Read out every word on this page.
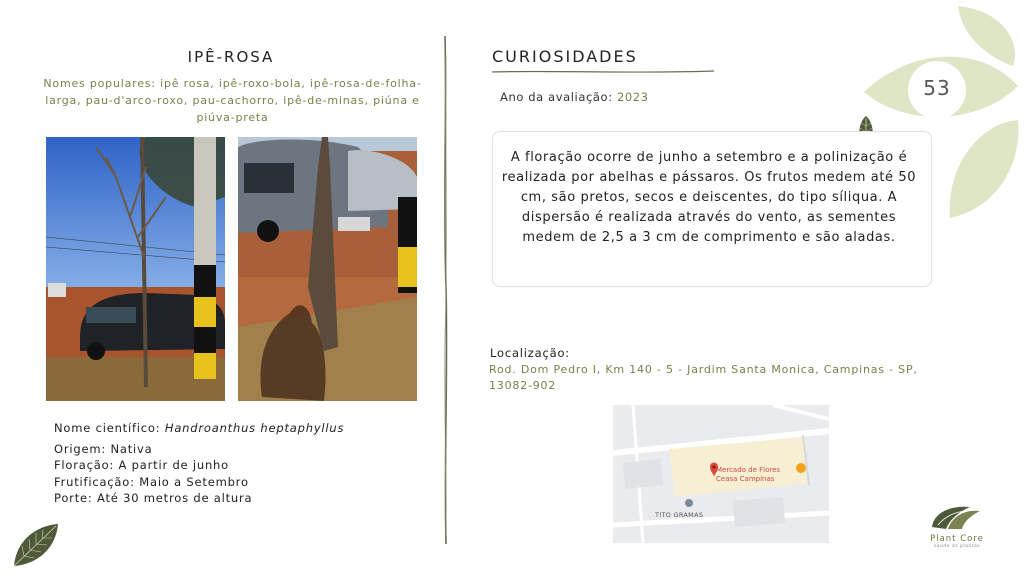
53
IPÊ-ROSA
Nomes populares: ipê rosa, ipê-roxo-bola, ipê-rosa-de-folha-larga, pau-d'arco-roxo, pau-cachorro, ipê-de-minas, piúna e piúva-preta
Nome científico: Handroanthus heptaphyllus
Origem: Nativa
Floração: A partir de junho
Frutificação: Maio a Setembro
Porte: Até 30 metros de altura
CURIOSIDADES
Ano da avaliação: 2023
A floração ocorre de junho a setembro e a polinização é realizada por abelhas e pássaros. Os frutos medem até 50 cm, são pretos, secos e deiscentes, do tipo síliqua. A dispersão é realizada através do vento, as sementes medem de 2,5 a 3 cm de comprimento e são aladas.
Localização:
Rod. Dom Pedro I, Km 140 - 5 - Jardim Santa Monica, Campinas - SP, 13082-902
Mercado de Flores
Ceasa Campinas
TITO GRAMAS
Plant Core
saúde às plantas
